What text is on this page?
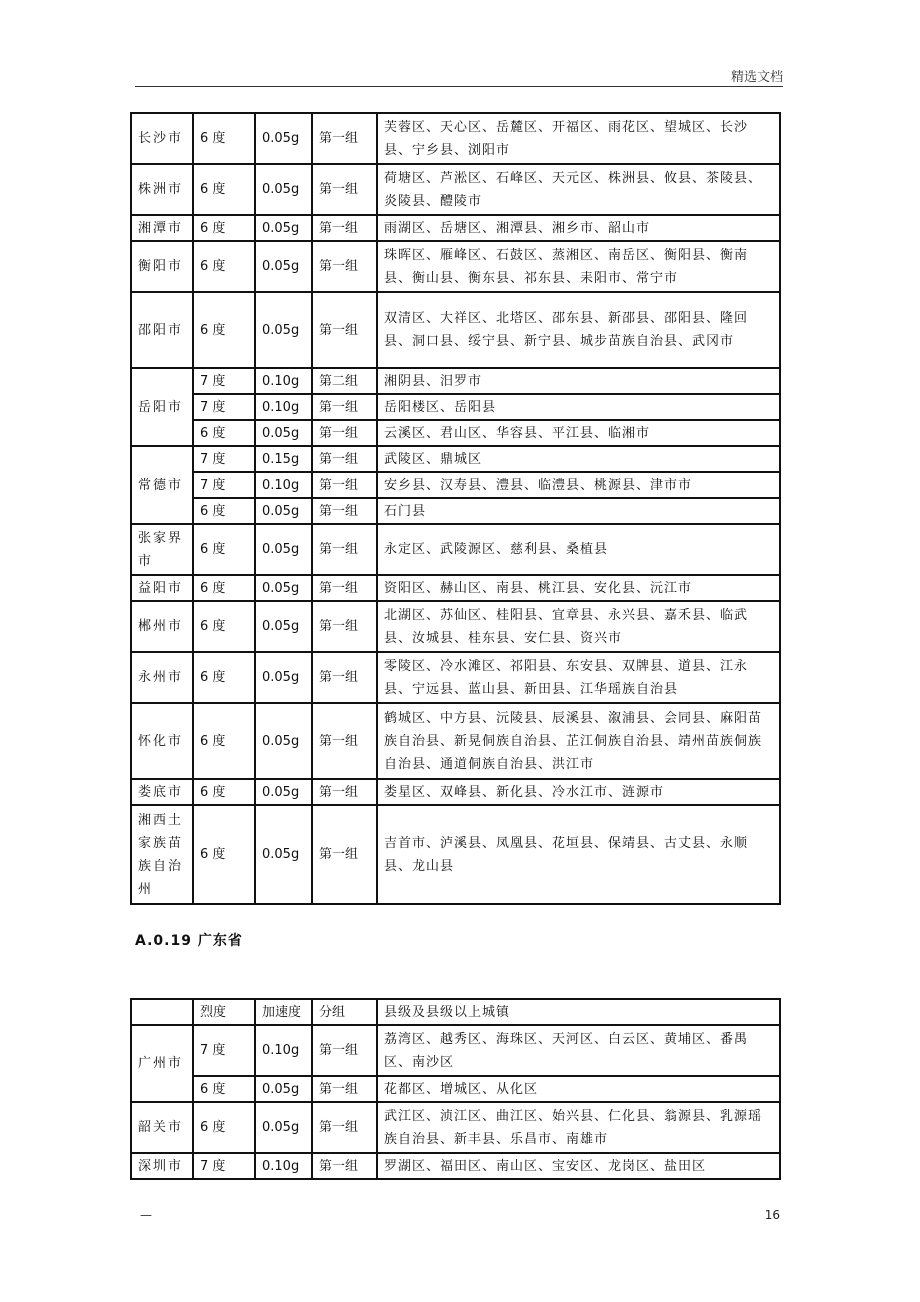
精选文档
长沙市	6 度	0.05g	第一组	芙蓉区、天心区、岳麓区、开福区、雨花区、望城区、长沙县、宁乡县、浏阳市
株洲市	6 度	0.05g	第一组	荷塘区、芦淞区、石峰区、天元区、株洲县、攸县、茶陵县、炎陵县、醴陵市
湘潭市	6 度	0.05g	第一组	雨湖区、岳塘区、湘潭县、湘乡市、韶山市
衡阳市	6 度	0.05g	第一组	珠晖区、雁峰区、石鼓区、蒸湘区、南岳区、衡阳县、衡南县、衡山县、衡东县、祁东县、耒阳市、常宁市
邵阳市	6 度	0.05g	第一组	双清区、大祥区、北塔区、邵东县、新邵县、邵阳县、隆回县、洞口县、绥宁县、新宁县、城步苗族自治县、武冈市
岳阳市	7 度	0.10g	第二组	湘阴县、汨罗市
	7 度	0.10g	第一组	岳阳楼区、岳阳县
	6 度	0.05g	第一组	云溪区、君山区、华容县、平江县、临湘市
常德市	7 度	0.15g	第一组	武陵区、鼎城区
	7 度	0.10g	第一组	安乡县、汉寿县、澧县、临澧县、桃源县、津市市
	6 度	0.05g	第一组	石门县
张家界市	6 度	0.05g	第一组	永定区、武陵源区、慈利县、桑植县
益阳市	6 度	0.05g	第一组	资阳区、赫山区、南县、桃江县、安化县、沅江市
郴州市	6 度	0.05g	第一组	北湖区、苏仙区、桂阳县、宜章县、永兴县、嘉禾县、临武县、汝城县、桂东县、安仁县、资兴市
永州市	6 度	0.05g	第一组	零陵区、冷水滩区、祁阳县、东安县、双牌县、道县、江永县、宁远县、蓝山县、新田县、江华瑶族自治县
怀化市	6 度	0.05g	第一组	鹤城区、中方县、沅陵县、辰溪县、溆浦县、会同县、麻阳苗族自治县、新晃侗族自治县、芷江侗族自治县、靖州苗族侗族自治县、通道侗族自治县、洪江市
娄底市	6 度	0.05g	第一组	娄星区、双峰县、新化县、冷水江市、涟源市
湘西土家族苗族自治州	6 度	0.05g	第一组	吉首市、泸溪县、凤凰县、花垣县、保靖县、古丈县、永顺县、龙山县
A.0.19 广东省
	烈度	加速度	分组	县级及县级以上城镇
广州市	7 度	0.10g	第一组	荔湾区、越秀区、海珠区、天河区、白云区、黄埔区、番禺区、南沙区
	6 度	0.05g	第一组	花都区、增城区、从化区
韶关市	6 度	0.05g	第一组	武江区、浈江区、曲江区、始兴县、仁化县、翁源县、乳源瑶族自治县、新丰县、乐昌市、南雄市
深圳市	7 度	0.10g	第一组	罗湖区、福田区、南山区、宝安区、龙岗区、盐田区
—	16
